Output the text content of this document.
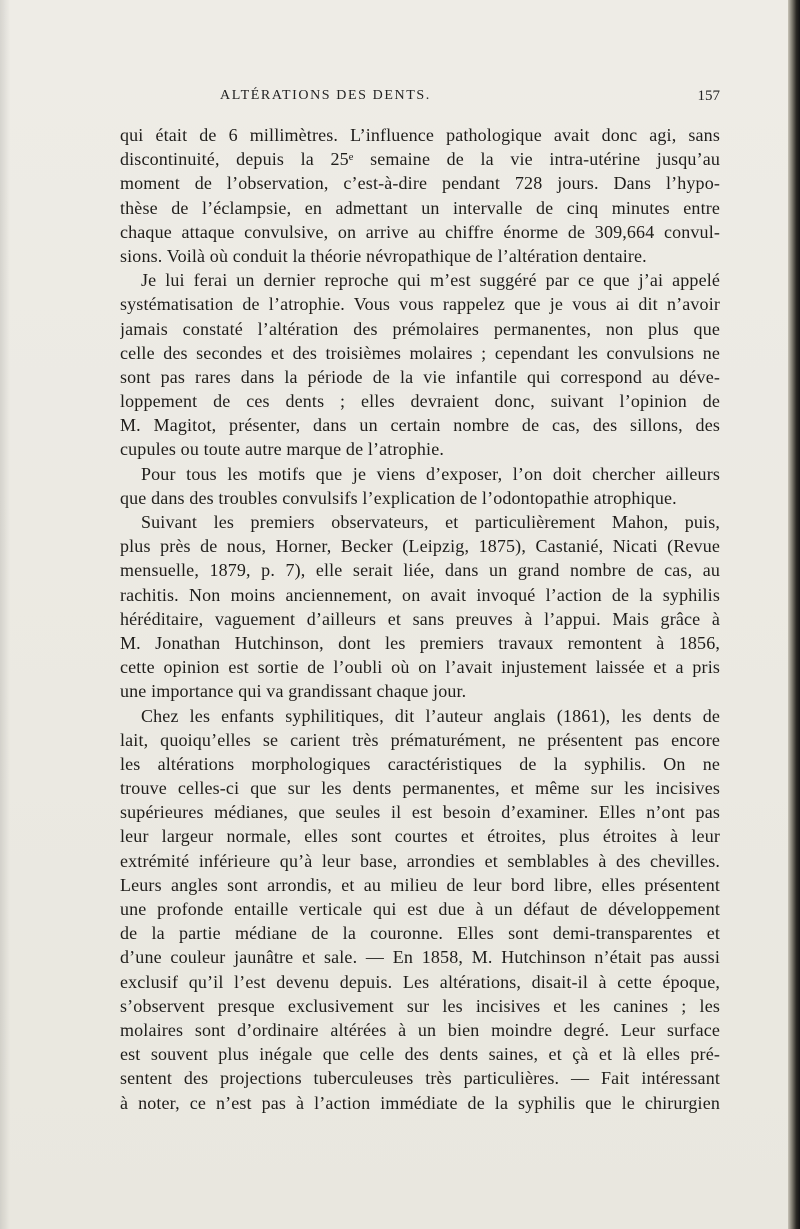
ALTÉRATIONS DES DENTS.	157
qui était de 6 millimètres. L’influence pathologique avait donc agi, sans
discontinuité, depuis la 25ᵉ semaine de la vie intra-utérine jusqu’au
moment de l’observation, c’est-à-dire pendant 728 jours. Dans l’hypo-
thèse de l’éclampsie, en admettant un intervalle de cinq minutes entre
chaque attaque convulsive, on arrive au chiffre énorme de 309,664 convul-
sions. Voilà où conduit la théorie névropathique de l’altération dentaire.
Je lui ferai un dernier reproche qui m’est suggéré par ce que j’ai appelé
systématisation de l’atrophie. Vous vous rappelez que je vous ai dit n’avoir
jamais constaté l’altération des prémolaires permanentes, non plus que
celle des secondes et des troisièmes molaires ; cependant les convulsions ne
sont pas rares dans la période de la vie infantile qui correspond au déve-
loppement de ces dents ; elles devraient donc, suivant l’opinion de
M. Magitot, présenter, dans un certain nombre de cas, des sillons, des
cupules ou toute autre marque de l’atrophie.
Pour tous les motifs que je viens d’exposer, l’on doit chercher ailleurs
que dans des troubles convulsifs l’explication de l’odontopathie atrophique.
Suivant les premiers observateurs, et particulièrement Mahon, puis,
plus près de nous, Horner, Becker (Leipzig, 1875), Castanié, Nicati (Revue
mensuelle, 1879, p. 7), elle serait liée, dans un grand nombre de cas, au
rachitis. Non moins anciennement, on avait invoqué l’action de la syphilis
héréditaire, vaguement d’ailleurs et sans preuves à l’appui. Mais grâce à
M. Jonathan Hutchinson, dont les premiers travaux remontent à 1856,
cette opinion est sortie de l’oubli où on l’avait injustement laissée et a pris
une importance qui va grandissant chaque jour.
Chez les enfants syphilitiques, dit l’auteur anglais (1861), les dents de
lait, quoiqu’elles se carient très prématurément, ne présentent pas encore
les altérations morphologiques caractéristiques de la syphilis. On ne
trouve celles-ci que sur les dents permanentes, et même sur les incisives
supérieures médianes, que seules il est besoin d’examiner. Elles n’ont pas
leur largeur normale, elles sont courtes et étroites, plus étroites à leur
extrémité inférieure qu’à leur base, arrondies et semblables à des chevilles.
Leurs angles sont arrondis, et au milieu de leur bord libre, elles présentent
une profonde entaille verticale qui est due à un défaut de développement
de la partie médiane de la couronne. Elles sont demi-transparentes et
d’une couleur jaunâtre et sale. — En 1858, M. Hutchinson n’était pas aussi
exclusif qu’il l’est devenu depuis. Les altérations, disait-il à cette époque,
s’observent presque exclusivement sur les incisives et les canines ; les
molaires sont d’ordinaire altérées à un bien moindre degré. Leur surface
est souvent plus inégale que celle des dents saines, et çà et là elles pré-
sentent des projections tuberculeuses très particulières. — Fait intéressant
à noter, ce n’est pas à l’action immédiate de la syphilis que le chirurgien
